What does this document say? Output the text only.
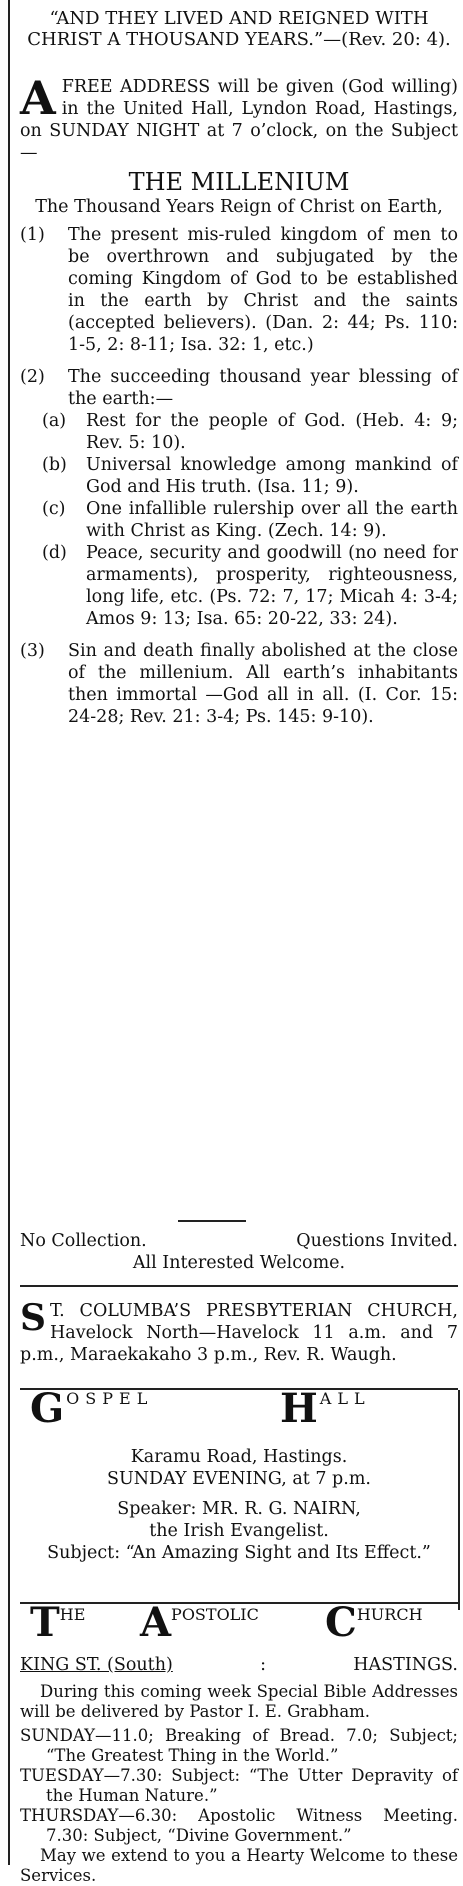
“AND THEY LIVED AND REIGNED WITH CHRIST A THOUSAND YEARS.”—(Rev. 20: 4).

A FREE ADDRESS will be given (God willing) in the United Hall, Lyndon Road, Hastings, on SUNDAY NIGHT at 7 o’clock, on the Subject—

THE MILLENIUM

The Thousand Years Reign of Christ on Earth,

(1) The present mis-ruled kingdom of men to be overthrown and subjugated by the coming Kingdom of God to be established in the earth by Christ and the saints (accepted believers). (Dan. 2: 44; Ps. 110: 1-5, 2: 8-11; Isa. 32: 1, etc.)

(2) The succeeding thousand year blessing of the earth:—

(a) Rest for the people of God. (Heb. 4: 9; Rev. 5: 10).

(b) Universal knowledge among mankind of God and His truth. (Isa. 11; 9).

(c) One infallible rulership over all the earth with Christ as King. (Zech. 14: 9).

(d) Peace, security and goodwill (no need for armaments), prosperity, righteousness, long life, etc. (Ps. 72: 7, 17; Micah 4: 3-4; Amos 9: 13; Isa. 65: 20-22, 33: 24).

(3) Sin and death finally abolished at the close of the millenium. All earth’s inhabitants then immortal —God all in all. (I. Cor. 15: 24-28; Rev. 21: 3-4; Ps. 145: 9-10).

No Collection.	Questions Invited.

All Interested Welcome.

S T. COLUMBA’S PRESBYTERIAN CHURCH, Havelock North—Havelock 11 a.m. and 7 p.m., Maraekakaho 3 p.m., Rev. R. Waugh.

GOSPEL	HALL

Karamu Road, Hastings.

SUNDAY EVENING, at 7 p.m.

Speaker: MR. R. G. NAIRN,

the Irish Evangelist.

Subject: “An Amazing Sight and Its Effect.”

THE APOSTOLIC CHURCH
KING ST. (South)	:	HASTINGS.

During this coming week Special Bible Addresses will be delivered by Pastor I. E. Grabham.

SUNDAY—11.0; Breaking of Bread. 7.0; Subject; “The Greatest Thing in the World.”

TUESDAY—7.30: Subject: “The Utter Depravity of the Human Nature.”

THURSDAY—6.30: Apostolic Witness Meeting. 7.30: Subject, “Divine Government.”

May we extend to you a Hearty Welcome to these Services.
